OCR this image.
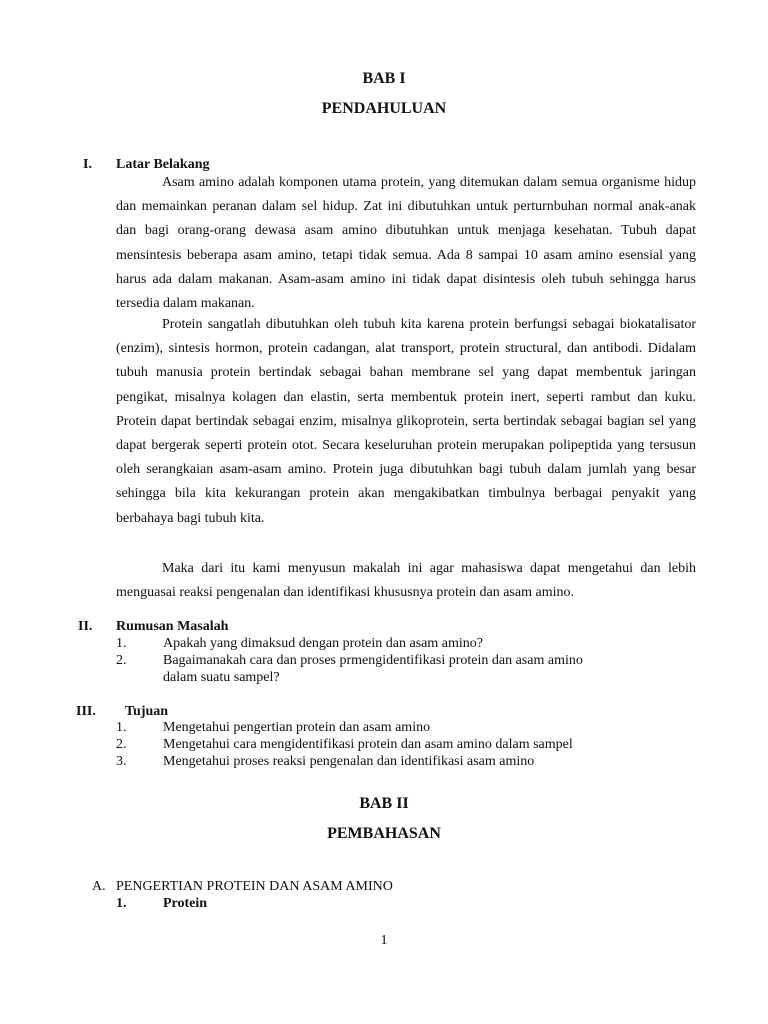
BAB I
PENDAHULUAN
I. Latar Belakang
Asam amino adalah komponen utama protein, yang ditemukan dalam semua organisme hidup dan memainkan peranan dalam sel hidup. Zat ini dibutuhkan untuk perturnbuhan normal anak-anak dan bagi orang-orang dewasa asam amino dibutuhkan untuk menjaga kesehatan. Tubuh dapat mensintesis beberapa asam amino, tetapi tidak semua. Ada 8 sampai 10 asam amino esensial yang harus ada dalam makanan. Asam-asam amino ini tidak dapat disintesis oleh tubuh sehingga harus tersedia dalam makanan.
Protein sangatlah dibutuhkan oleh tubuh kita karena protein berfungsi sebagai biokatalisator (enzim), sintesis hormon, protein cadangan, alat transport, protein structural, dan antibodi. Didalam tubuh manusia protein bertindak sebagai bahan membrane sel yang dapat membentuk jaringan pengikat, misalnya kolagen dan elastin, serta membentuk protein inert, seperti rambut dan kuku. Protein dapat bertindak sebagai enzim, misalnya glikoprotein, serta bertindak sebagai bagian sel yang dapat bergerak seperti protein otot. Secara keseluruhan protein merupakan polipeptida yang tersusun oleh serangkaian asam-asam amino. Protein juga dibutuhkan bagi tubuh dalam jumlah yang besar sehingga bila kita kekurangan protein akan mengakibatkan timbulnya berbagai penyakit yang berbahaya bagi tubuh kita.
Maka dari itu kami menyusun makalah ini agar mahasiswa dapat mengetahui dan lebih menguasai reaksi pengenalan dan identifikasi khususnya protein dan asam amino.
II. Rumusan Masalah
1.	Apakah yang dimaksud dengan protein dan asam amino?
2.	Bagaimanakah cara dan proses prmengidentifikasi protein dan asam amino
dalam suatu sampel?
III. Tujuan
1.	Mengetahui pengertian protein dan asam amino
2.	Mengetahui cara mengidentifikasi protein dan asam amino dalam sampel
3.	Mengetahui proses reaksi pengenalan dan identifikasi asam amino
BAB II
PEMBAHASAN
A. PENGERTIAN PROTEIN DAN ASAM AMINO
1.	Protein
1
